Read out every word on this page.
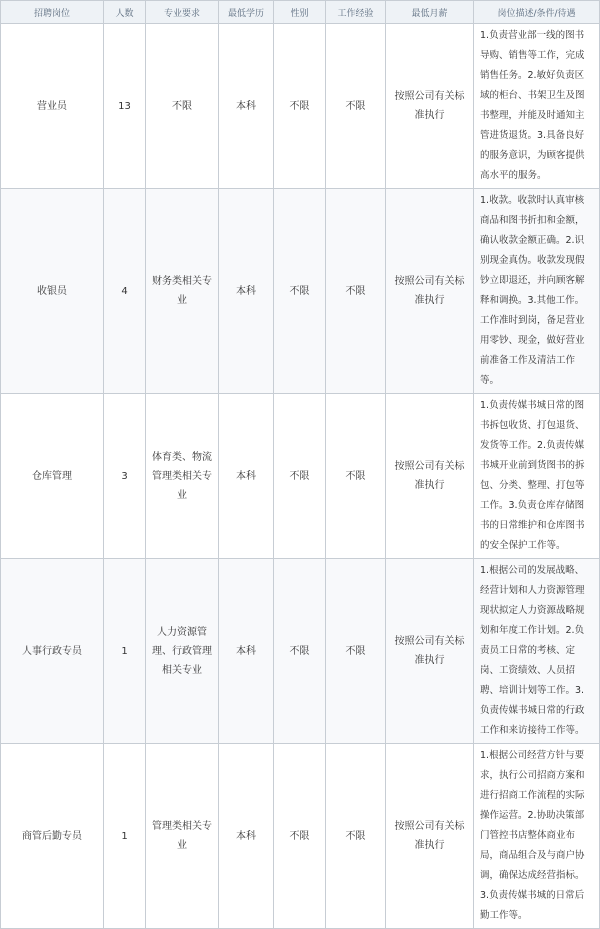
招聘岗位	人数	专业要求	最低学历	性别	工作经验	最低月薪	岗位描述/条件/待遇
营业员	13	不限	本科	不限	不限	按照公司有关标准执行	1.负责营业部一线的图书导购、销售等工作，完成销售任务。2.敏好负责区域的柜台、书架卫生及图书整理，并能及时通知主管进货退货。3.具备良好的服务意识，为顾客提供高水平的服务。
收银员	4	财务类相关专业	本科	不限	不限	按照公司有关标准执行	1.收款。收款时认真审核商品和图书折扣和金额，确认收款金额正确。2.识别现金真伪。收款发现假钞立即退还，并向顾客解释和调换。3.其他工作。工作准时到岗，备足营业用零钞、现金，做好营业前准备工作及清洁工作等。
仓库管理	3	体育类、物流管理类相关专业	本科	不限	不限	按照公司有关标准执行	1.负责传媒书城日常的图书拆包收货、打包退货、发货等工作。2.负责传媒书城开业前到货图书的拆包、分类、整理、打包等工作。3.负责仓库存储图书的日常维护和仓库图书的安全保护工作等。
人事行政专员	1	人力资源管理、行政管理相关专业	本科	不限	不限	按照公司有关标准执行	1.根据公司的发展战略、经营计划和人力资源管理现状拟定人力资源战略规划和年度工作计划。2.负责员工日常的考核、定岗、工资绩效、人员招聘、培训计划等工作。3.负责传媒书城日常的行政工作和来访接待工作等。
商管后勤专员	1	管理类相关专业	本科	不限	不限	按照公司有关标准执行	1.根据公司经营方针与要求，执行公司招商方案和进行招商工作流程的实际操作运营。2.协助决策部门管控书店整体商业布局，商品组合及与商户协调，确保达成经营指标。3.负责传媒书城的日常后勤工作等。
